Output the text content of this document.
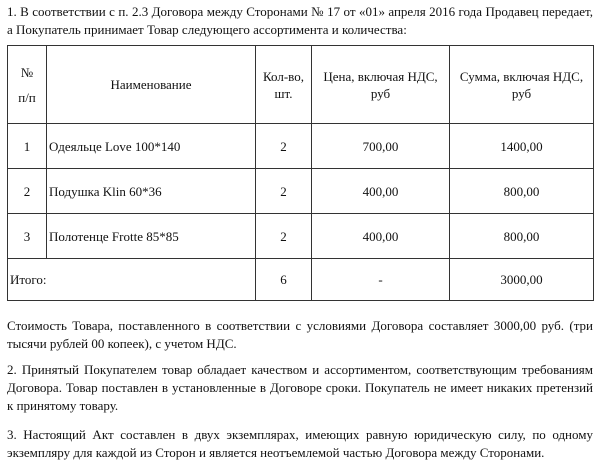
1. В соответствии с п. 2.3 Договора между Сторонами № 17 от «01» апреля 2016 года Продавец передает, а Покупатель принимает Товар следующего ассортимента и количества:

№
п/п	Наименование	Кол-во, шт.	Цена, включая НДС, руб	Сумма, включая НДС, руб
1	Одеяльце Love 100*140	2	700,00	1400,00
2	Подушка Klin 60*36	2	400,00	800,00
3	Полотенце Frotte 85*85	2	400,00	800,00
Итого:		6	-	3000,00

Стоимость Товара, поставленного в соответствии с условиями Договора составляет 3000,00 руб. (три тысячи рублей 00 копеек), с учетом НДС.

2. Принятый Покупателем товар обладает качеством и ассортиментом, соответствующим требованиям Договора. Товар поставлен в установленные в Договоре сроки. Покупатель не имеет никаких претензий к принятому товару.

3. Настоящий Акт составлен в двух экземплярах, имеющих равную юридическую силу, по одному экземпляру для каждой из Сторон и является неотъемлемой частью Договора между Сторонами.
